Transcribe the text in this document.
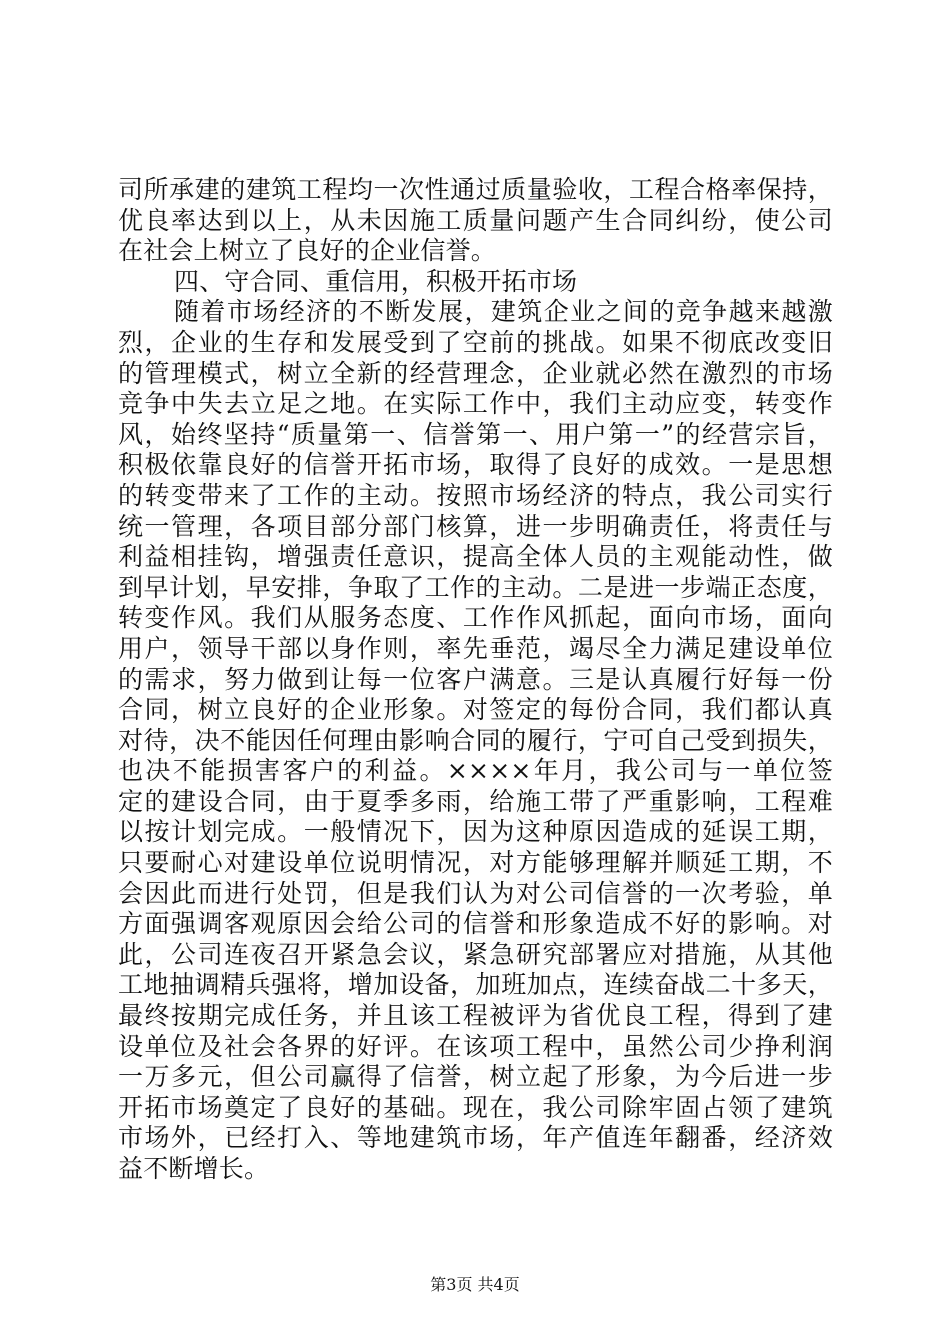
司所承建的建筑工程均一次性通过质量验收，工程合格率保持，
优良率达到以上，从未因施工质量问题产生合同纠纷，使公司
在社会上树立了良好的企业信誉。
四、守合同、重信用，积极开拓市场
随着市场经济的不断发展，建筑企业之间的竞争越来越激
烈，企业的生存和发展受到了空前的挑战。如果不彻底改变旧
的管理模式，树立全新的经营理念，企业就必然在激烈的市场
竞争中失去立足之地。在实际工作中，我们主动应变，转变作
风，始终坚持“质量第一、信誉第一、用户第一”的经营宗旨，
积极依靠良好的信誉开拓市场，取得了良好的成效。一是思想
的转变带来了工作的主动。按照市场经济的特点，我公司实行
统一管理，各项目部分部门核算，进一步明确责任，将责任与
利益相挂钩，增强责任意识，提高全体人员的主观能动性，做
到早计划，早安排，争取了工作的主动。二是进一步端正态度，
转变作风。我们从服务态度、工作作风抓起，面向市场，面向
用户，领导干部以身作则，率先垂范，竭尽全力满足建设单位
的需求，努力做到让每一位客户满意。三是认真履行好每一份
合同，树立良好的企业形象。对签定的每份合同，我们都认真
对待，决不能因任何理由影响合同的履行，宁可自己受到损失，
也决不能损害客户的利益。××××年月，我公司与一单位签
定的建设合同，由于夏季多雨，给施工带了严重影响，工程难
以按计划完成。一般情况下，因为这种原因造成的延误工期，
只要耐心对建设单位说明情况，对方能够理解并顺延工期，不
会因此而进行处罚，但是我们认为对公司信誉的一次考验，单
方面强调客观原因会给公司的信誉和形象造成不好的影响。对
此，公司连夜召开紧急会议，紧急研究部署应对措施，从其他
工地抽调精兵强将，增加设备，加班加点，连续奋战二十多天，
最终按期完成任务，并且该工程被评为省优良工程，得到了建
设单位及社会各界的好评。在该项工程中，虽然公司少挣利润
一万多元，但公司赢得了信誉，树立起了形象，为今后进一步
开拓市场奠定了良好的基础。现在，我公司除牢固占领了建筑
市场外，已经打入、等地建筑市场，年产值连年翻番，经济效
益不断增长。
第3页 共4页
